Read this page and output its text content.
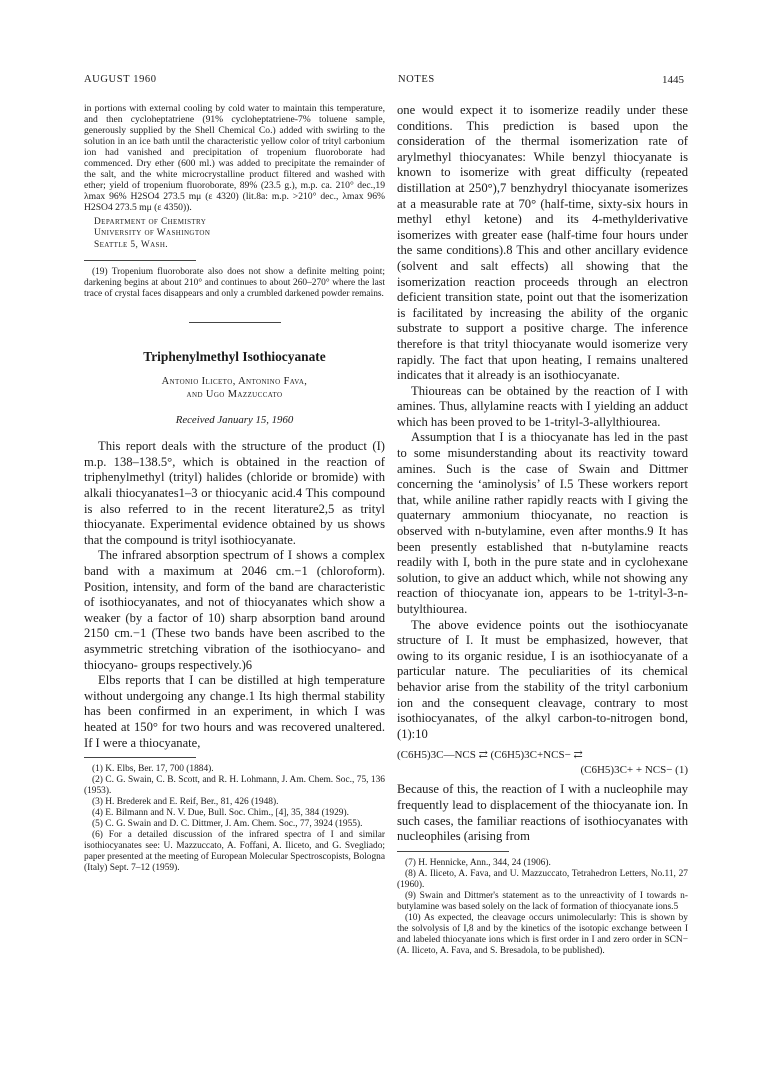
AUGUST 1960	NOTES	1445

in portions with external cooling by cold water to maintain this temperature, and then cycloheptatriene (91% cycloheptatriene-7% toluene sample, generously supplied by the Shell Chemical Co.) added with swirling to the solution in an ice bath until the characteristic yellow color of trityl carbonium ion had vanished and precipitation of tropenium fluoroborate had commenced. Dry ether (600 ml.) was added to precipitate the remainder of the salt, and the white microcrystalline product filtered and washed with ether; yield of tropenium fluoroborate, 89% (23.5 g.), m.p. ca. 210° dec.,19 λmax 96% H2SO4 273.5 mμ (ε 4320) (lit.8a: m.p. >210° dec., λmax 96% H2SO4 273.5 mμ (ε 4350)).

Department of Chemistry
University of Washington
Seattle 5, Wash.

(19) Tropenium fluoroborate also does not show a definite melting point; darkening begins at about 210° and continues to about 260–270° where the last trace of crystal faces disappears and only a crumbled darkened powder remains.

Triphenylmethyl Isothiocyanate
Antonio Iliceto, Antonino Fava,
and Ugo Mazzuccato
Received January 15, 1960

This report deals with the structure of the product (I) m.p. 138–138.5°, which is obtained in the reaction of triphenylmethyl (trityl) halides (chloride or bromide) with alkali thiocyanates1–3 or thiocyanic acid.4 This compound is also referred to in the recent literature2,5 as trityl thiocyanate. Experimental evidence obtained by us shows that the compound is trityl isothiocyanate.

The infrared absorption spectrum of I shows a complex band with a maximum at 2046 cm.−1 (chloroform). Position, intensity, and form of the band are characteristic of isothiocyanates, and not of thiocyanates which show a weaker (by a factor of 10) sharp absorption band around 2150 cm.−1 (These two bands have been ascribed to the asymmetric stretching vibration of the isothiocyano- and thiocyano- groups respectively.)6

Elbs reports that I can be distilled at high temperature without undergoing any change.1 Its high thermal stability has been confirmed in an experiment, in which I was heated at 150° for two hours and was recovered unaltered. If I were a thiocyanate,

(1) K. Elbs, Ber. 17, 700 (1884).

(2) C. G. Swain, C. B. Scott, and R. H. Lohmann, J. Am. Chem. Soc., 75, 136 (1953).

(3) H. Brederek and E. Reif, Ber., 81, 426 (1948).

(4) E. Bilmann and N. V. Due, Bull. Soc. Chim., [4], 35, 384 (1929).

(5) C. G. Swain and D. C. Dittmer, J. Am. Chem. Soc., 77, 3924 (1955).

(6) For a detailed discussion of the infrared spectra of I and similar isothiocyanates see: U. Mazzuccato, A. Foffani, A. Iliceto, and G. Svegliado; paper presented at the meeting of European Molecular Spectroscopists, Bologna (Italy) Sept. 7–12 (1959).

one would expect it to isomerize readily under these conditions. This prediction is based upon the consideration of the thermal isomerization rate of arylmethyl thiocyanates: While benzyl thiocyanate is known to isomerize with great difficulty (repeated distillation at 250°),7 benzhydryl thiocyanate isomerizes at a measurable rate at 70° (half-time, sixty-six hours in methyl ethyl ketone) and its 4-methylderivative isomerizes with greater ease (half-time four hours under the same conditions).8 This and other ancillary evidence (solvent and salt effects) all showing that the isomerization reaction proceeds through an electron deficient transition state, point out that the isomerization is facilitated by increasing the ability of the organic substrate to support a positive charge. The inference therefore is that trityl thiocyanate would isomerize very rapidly. The fact that upon heating, I remains unaltered indicates that it already is an isothiocyanate.

Thioureas can be obtained by the reaction of I with amines. Thus, allylamine reacts with I yielding an adduct which has been proved to be 1-trityl-3-allylthiourea.

Assumption that I is a thiocyanate has led in the past to some misunderstanding about its reactivity toward amines. Such is the case of Swain and Dittmer concerning the ‘aminolysis’ of I.5 These workers report that, while aniline rather rapidly reacts with I giving the quaternary ammonium thiocyanate, no reaction is observed with n-butylamine, even after months.9 It has been presently established that n-butylamine reacts readily with I, both in the pure state and in cyclohexane solution, to give an adduct which, while not showing any reaction of thiocyanate ion, appears to be 1-trityl-3-n-butylthiourea.

The above evidence points out the isothiocyanate structure of I. It must be emphasized, however, that owing to its organic residue, I is an isothiocyanate of a particular nature. The peculiarities of its chemical behavior arise from the stability of the trityl carbonium ion and the consequent cleavage, contrary to most isothiocyanates, of the alkyl carbon-to-nitrogen bond, (1):10

(C6H5)3C—NCS ⇄ (C6H5)3C+NCS− ⇄
(C6H5)3C+ + NCS− (1)

Because of this, the reaction of I with a nucleophile may frequently lead to displacement of the thiocyanate ion. In such cases, the familiar reactions of isothiocyanates with nucleophiles (arising from

(7) H. Hennicke, Ann., 344, 24 (1906).

(8) A. Iliceto, A. Fava, and U. Mazzuccato, Tetrahedron Letters, No.11, 27 (1960).

(9) Swain and Dittmer's statement as to the unreactivity of I towards n-butylamine was based solely on the lack of formation of thiocyanate ions.5

(10) As expected, the cleavage occurs unimolecularly: This is shown by the solvolysis of I,8 and by the kinetics of the isotopic exchange between I and labeled thiocyanate ions which is first order in I and zero order in SCN− (A. Iliceto, A. Fava, and S. Bresadola, to be published).
